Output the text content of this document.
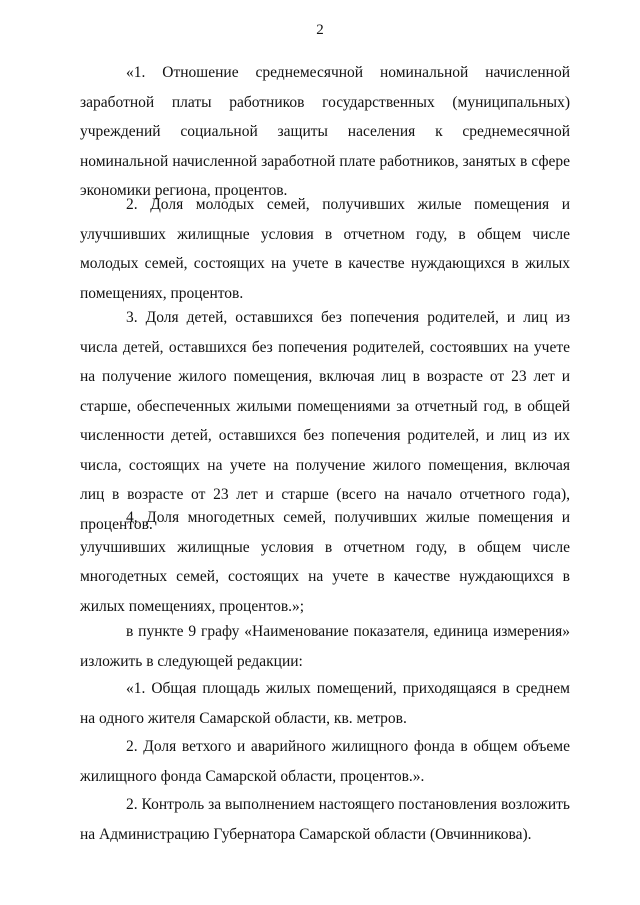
2

«1. Отношение среднемесячной номинальной начисленной заработной платы работников государственных (муниципальных) учреждений социальной защиты населения к среднемесячной номинальной начисленной заработной плате работников, занятых в сфере экономики региона, процентов.

2. Доля молодых семей, получивших жилые помещения и улучшивших жилищные условия в отчетном году, в общем числе молодых семей, состоящих на учете в качестве нуждающихся в жилых помещениях, процентов.

3. Доля детей, оставшихся без попечения родителей, и лиц из числа детей, оставшихся без попечения родителей, состоявших на учете на получение жилого помещения, включая лиц в возрасте от 23 лет и старше, обеспеченных жилыми помещениями за отчетный год, в общей численности детей, оставшихся без попечения родителей, и лиц из их числа, состоящих на учете на получение жилого помещения, включая лиц в возрасте от 23 лет и старше (всего на начало отчетного года), процентов.

4. Доля многодетных семей, получивших жилые помещения и улучшивших жилищные условия в отчетном году, в общем числе многодетных семей, состоящих на учете в качестве нуждающихся в жилых помещениях, процентов.»;

в пункте 9 графу «Наименование показателя, единица измерения» изложить в следующей редакции:

«1. Общая площадь жилых помещений, приходящаяся в среднем на одного жителя Самарской области, кв. метров.

2. Доля ветхого и аварийного жилищного фонда в общем объеме жилищного фонда Самарской области, процентов.».

2. Контроль за выполнением настоящего постановления возложить на Администрацию Губернатора Самарской области (Овчинникова).
